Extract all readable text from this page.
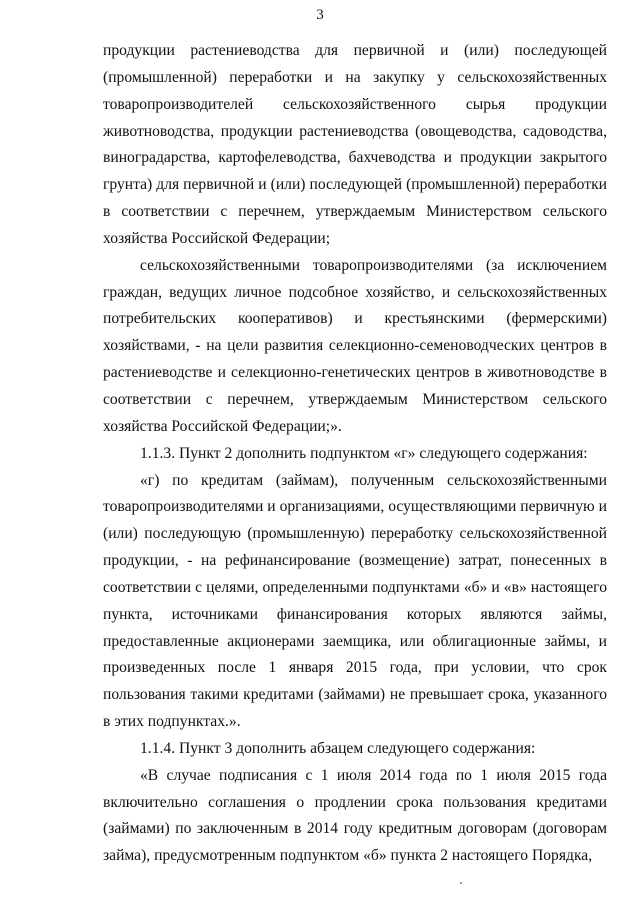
3

продукции растениеводства для первичной и (или) последующей (промышленной) переработки и на закупку у сельскохозяйственных товаропроизводителей сельскохозяйственного сырья продукции животноводства, продукции растениеводства (овощеводства, садоводства, виноградарства, картофелеводства, бахчеводства и продукции закрытого грунта) для первичной и (или) последующей (промышленной) переработки в соответствии с перечнем, утверждаемым Министерством сельского хозяйства Российской Федерации;

сельскохозяйственными товаропроизводителями (за исключением граждан, ведущих личное подсобное хозяйство, и сельскохозяйственных потребительских кооперативов) и крестьянскими (фермерскими) хозяйствами, - на цели развития селекционно-семеноводческих центров в растениеводстве и селекционно-генетических центров в животноводстве в соответствии с перечнем, утверждаемым Министерством сельского хозяйства Российской Федерации;».

1.1.3. Пункт 2 дополнить подпунктом «г» следующего содержания:

«г) по кредитам (займам), полученным сельскохозяйственными товаропроизводителями и организациями, осуществляющими первичную и (или) последующую (промышленную) переработку сельскохозяйственной продукции, - на рефинансирование (возмещение) затрат, понесенных в соответствии с целями, определенными подпунктами «б» и «в» настоящего пункта, источниками финансирования которых являются займы, предоставленные акционерами заемщика, или облигационные займы, и произведенных после 1 января 2015 года, при условии, что срок пользования такими кредитами (займами) не превышает срока, указанного в этих подпунктах.».

1.1.4. Пункт 3 дополнить абзацем следующего содержания:

«В случае подписания с 1 июля 2014 года по 1 июля 2015 года включительно соглашения о продлении срока пользования кредитами (займами) по заключенным в 2014 году кредитным договорам (договорам займа), предусмотренным подпунктом «б» пункта 2 настоящего Порядка,
